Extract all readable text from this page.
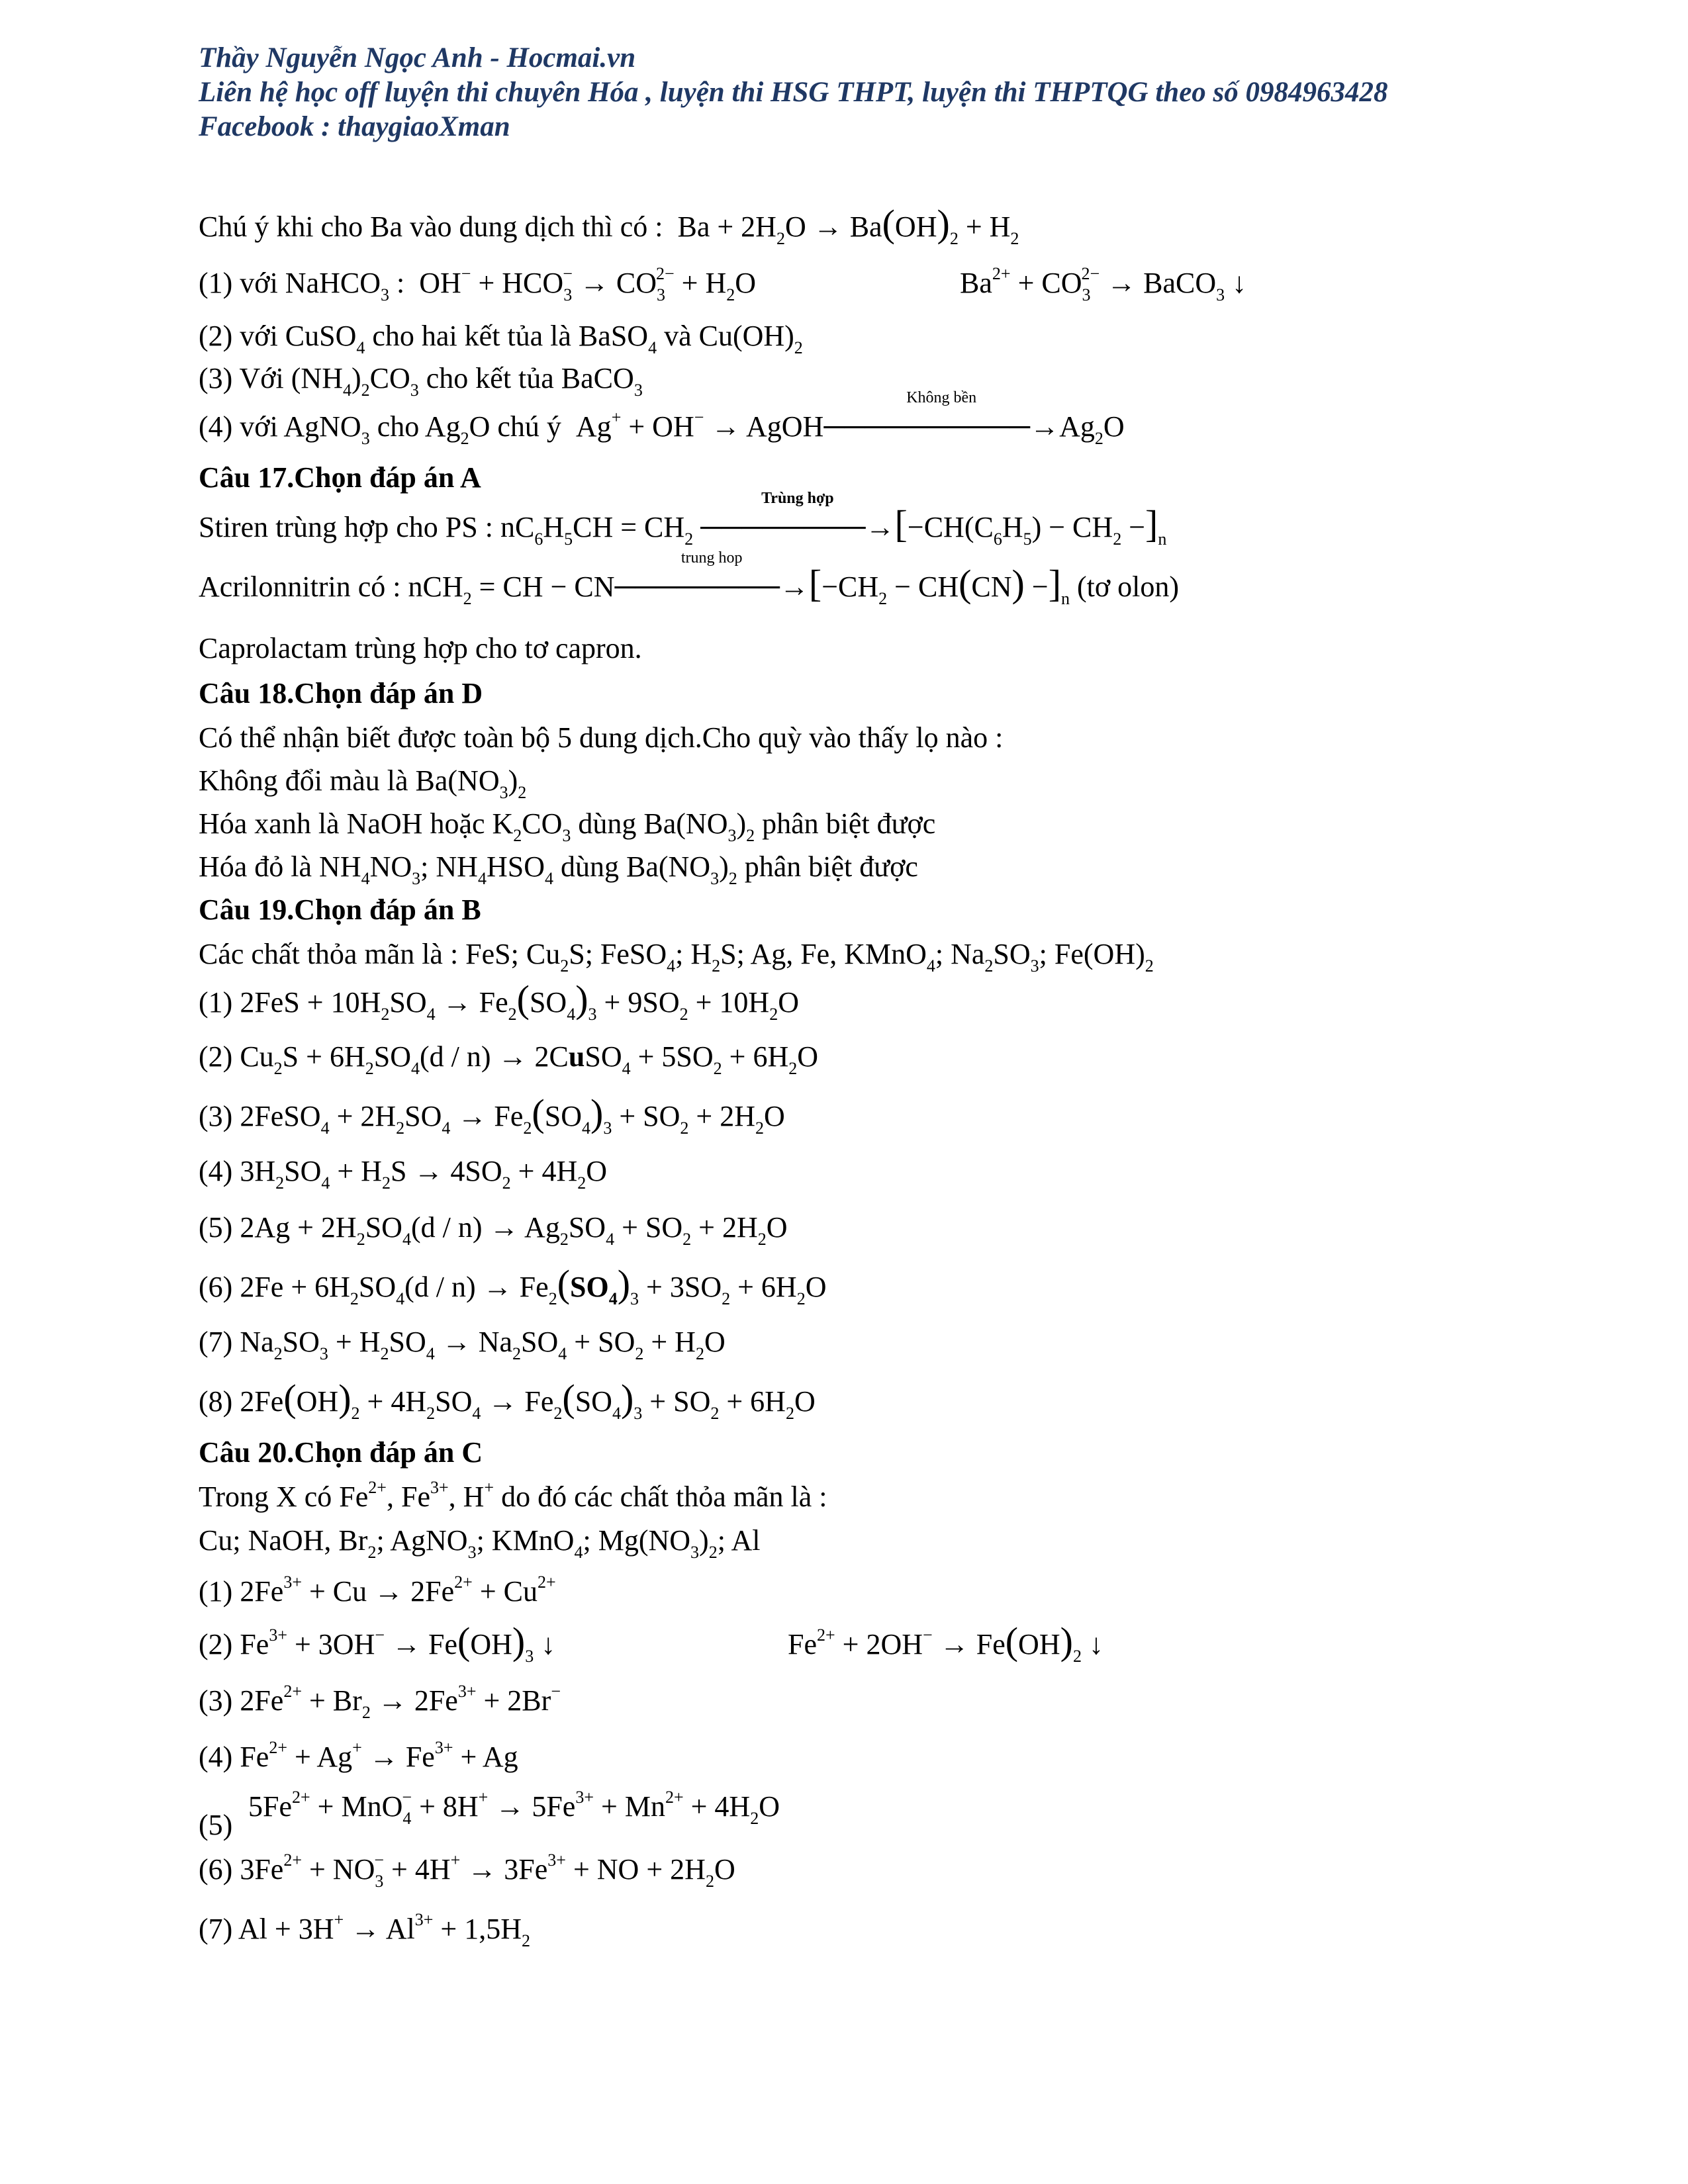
Thầy Nguyễn Ngọc Anh - Hocmai.vn
Liên hệ học off luyện thi chuyên Hóa , luyện thi HSG THPT, luyện thi THPTQG theo số 0984963428
Facebook : thaygiaoXman
Chú ý khi cho Ba vào dung dịch thì có :  $Ba + 2H_2O \to Ba(OH)_2 + H_2$
(1) với NaHCO$_3$ :  $OH^- + HCO_3^- \to CO_3^{2-} + H_2O$	$Ba^{2+} + CO_3^{2-}$ → BaCO$_3$ ↓
(2) với CuSO$_4$ cho hai kết tủa là BaSO$_4$ và $Cu(OH)_2$
(3) Với $(NH_4)_2CO_3$ cho kết tủa BaCO$_3$
(4) với AgNO$_3$ cho $Ag_2O$ chú ý  Ag+ + OH− → AgOH
Không bền
$──────────\to Ag_2O$
Câu 17.Chọn đáp án A
Stiren trùng hợp cho PS : $nC_6H_5CH = CH_2$
Trùng hợp
$────────\to[-CH(C_6H_5) - CH_2 -]_n$
Acrilonnitrin có : nCH$_2$ = CH − CN
trung hop
$────────\to[-CH_2 - CH(CN) -]_n$ (tơ olon)
Caprolactam trùng hợp cho tơ capron.
Câu 18.Chọn đáp án D
Có thể nhận biết được toàn bộ 5 dung dịch.Cho quỳ vào thấy lọ nào :
Không đổi màu là $Ba(NO_3)_2$
Hóa xanh là NaOH hoặc $K_2CO_3$ dùng $Ba(NO_3)_2$ phân biệt được
Hóa đỏ là $NH_4NO_3$; $NH_4HSO_4$ dùng $Ba(NO_3)_2$ phân biệt được
Câu 19.Chọn đáp án B
Các chất thỏa mãn là : FeS; $Cu_2S$; FeSO$_4$; $H_2S$; Ag, Fe, KMnO$_4$; $Na_2SO_3$; $Fe(OH)_2$
(1) $2FeS + 10H_2SO_4 \to Fe_2(SO_4)_3 + 9SO_2 + 10H_2O$
(2) $Cu_2S + 6H_2SO_4(d / n)$ → 2CuSO$_4$ + $5SO_2 + 6H_2O$
(3) 2FeSO$_4$ + $2H_2SO_4 \to Fe_2(SO_4)_3 + SO_2 + 2H_2O$
(4) $3H_2SO_4 + H_2S \to 4SO_2 + 4H_2O$
(5) $2Ag + 2H_2SO_4(d / n) \to Ag_2SO_4 + SO_2 + 2H_2O$
(6) $2Fe + 6H_2SO_4(d / n) \to Fe_2(SO_4)_3 + 3SO_2 + 6H_2O$
(7) $Na_2SO_3 + H_2SO_4 \to Na_2SO_4 + SO_2 + H_2O$
(8) $2Fe(OH)_2 + 4H_2SO_4 \to Fe_2(SO_4)_3 + SO_2 + 6H_2O$
Câu 20.Chọn đáp án C
Trong X có $Fe^{2+}$, $Fe^{3+}$, H+ do đó các chất thỏa mãn là :
Cu; NaOH, $Br_2$; AgNO$_3$; KMnO$_4$; $Mg(NO_3)_2$; Al
(1) $2Fe^{3+} + Cu \to 2Fe^{2+} + Cu^{2+}$
(2) $Fe^{3+} + 3OH^- \to Fe(OH)_3$ ↓	$Fe^{2+} + 2OH^- \to Fe(OH)_2$ ↓
(3) $2Fe^{2+} + Br_2 \to 2Fe^{3+} + 2Br^-$
(4) $Fe^{2+} + Ag^+ \to Fe^{3+} + Ag$
$5Fe^{2+} + MnO_4^- + 8H^+ \to 5Fe^{3+} + Mn^{2+} + 4H_2O$
(5)
(6) $3Fe^{2+} + NO_3^- + 4H^+ \to 3Fe^{3+}$ + NO + $2H_2O$
(7) $Al + 3H^+ \to Al^{3+} + 1,5H_2$
